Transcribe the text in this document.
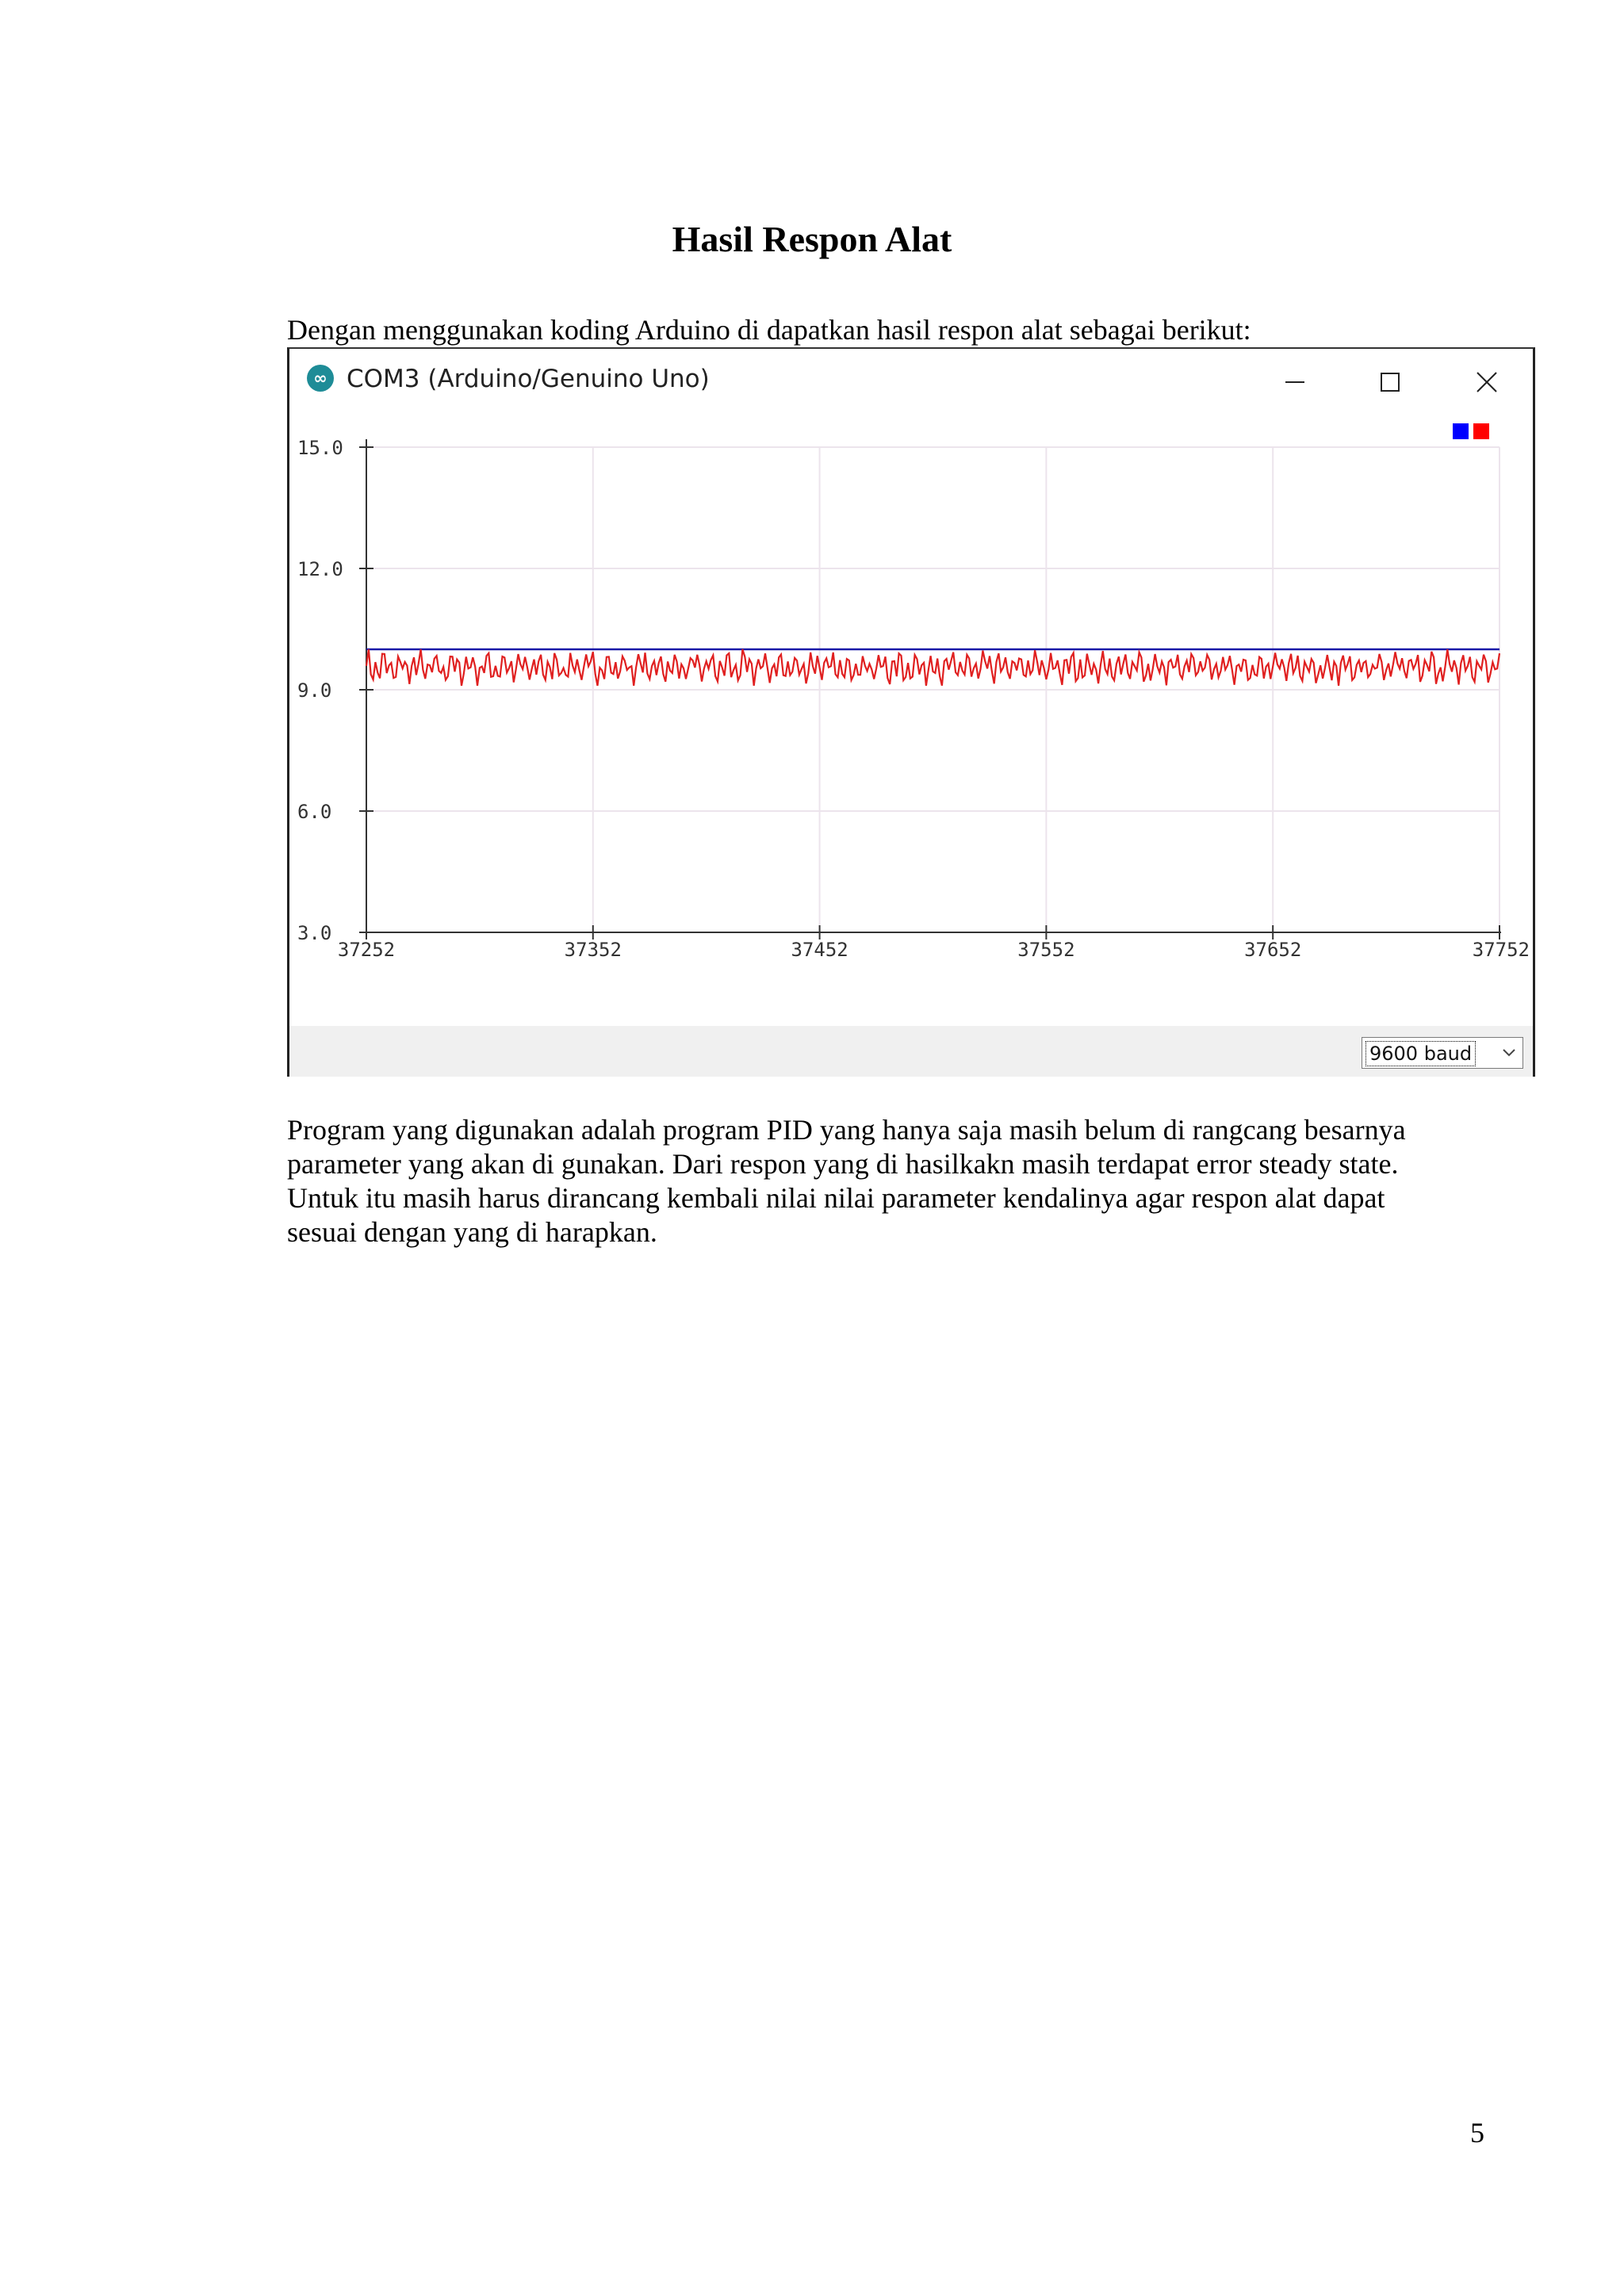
Hasil Respon Alat
Dengan menggunakan koding Arduino di dapatkan hasil respon alat sebagai berikut:
∞ COM3 (Arduino/Genuino Uno)
3.0
6.0
9.0
12.0
15.0
37252	37352	37452	37552	37652	37752
9600 baud

Program yang digunakan adalah program PID yang hanya saja masih belum di rangcang besarnya

parameter yang akan di gunakan. Dari respon yang di hasilkakn masih terdapat error steady state.

Untuk itu masih harus dirancang kembali nilai nilai parameter kendalinya agar respon alat dapat

sesuai dengan yang di harapkan.

5
